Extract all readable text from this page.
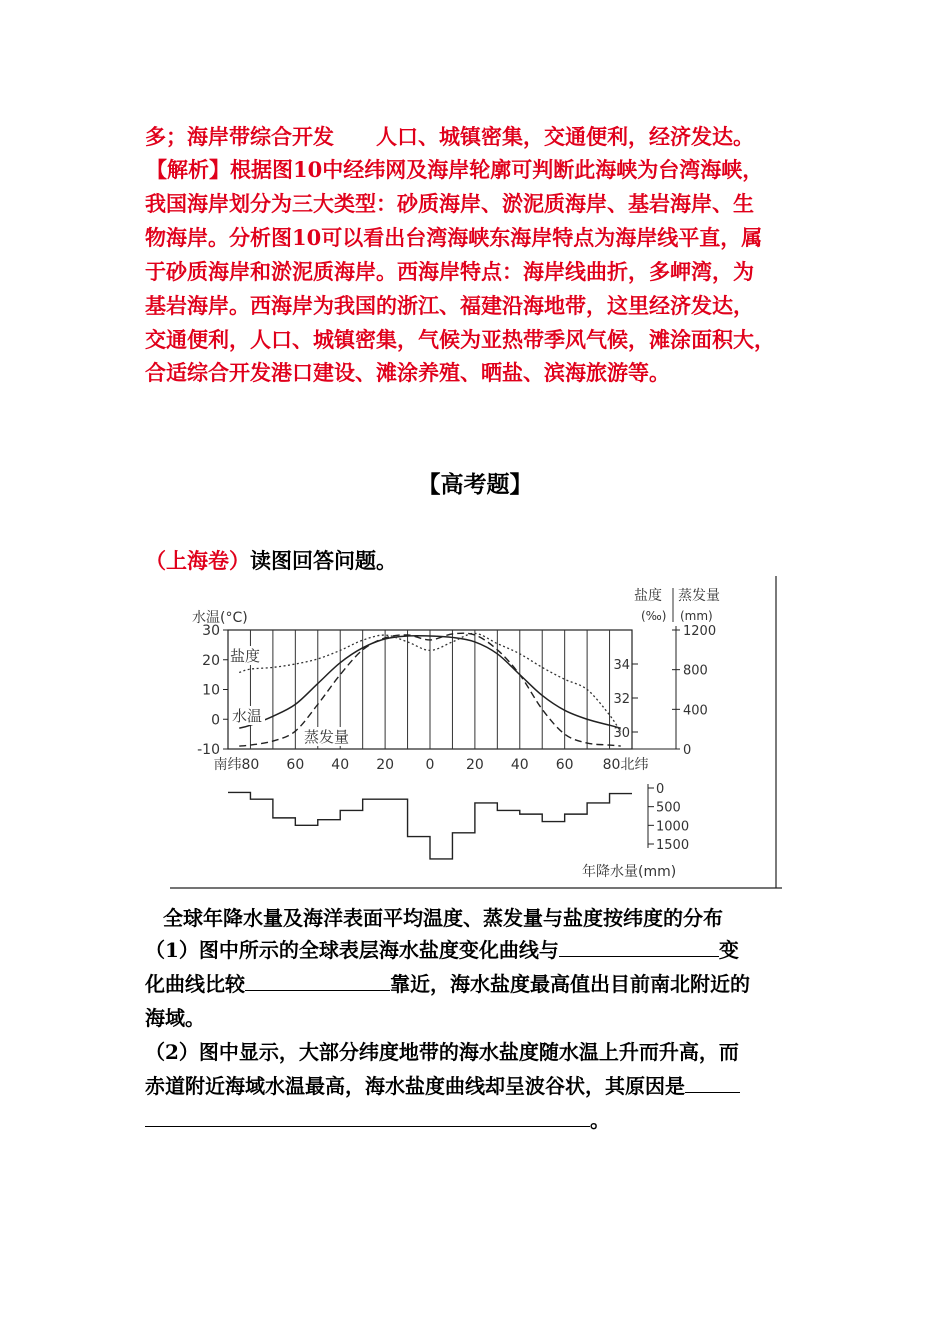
多；海岸带综合开发　　人口、城镇密集，交通便利，经济发达。
【解析】根据图10中经纬网及海岸轮廓可判断此海峡为台湾海峡，
我国海岸划分为三大类型：砂质海岸、淤泥质海岸、基岩海岸、生
物海岸。分析图10可以看出台湾海峡东海岸特点为海岸线平直，属
于砂质海岸和淤泥质海岸。西海岸特点：海岸线曲折，多岬湾，为
基岩海岸。西海岸为我国的浙江、福建沿海地带，这里经济发达，
交通便利，人口、城镇密集，气候为亚热带季风气候，滩涂面积大，
合适综合开发港口建设、滩涂养殖、晒盐、滨海旅游等。
【高考题】
（上海卷）读图回答问题。
水温(°C)
盐度
(‰)
蒸发量
(mm)
年降水量(mm)
30
20
10
0
-10
34
32
30
1200
800
400
0
南纬80 60 40 20 0 20 40 60 80北纬
水温
盐度
蒸发量
0
500
1000
1500
全球年降水量及海洋表面平均温度、蒸发量与盐度按纬度的分布
（1）图中所示的全球表层海水盐度变化曲线与	变
化曲线比较	靠近，海水盐度最高值出目前南北附近的
海域。
（2）图中显示，大部分纬度地带的海水盐度随水温上升而升高，而
赤道附近海域水温最高，海水盐度曲线却呈波谷状，其原因是
。
